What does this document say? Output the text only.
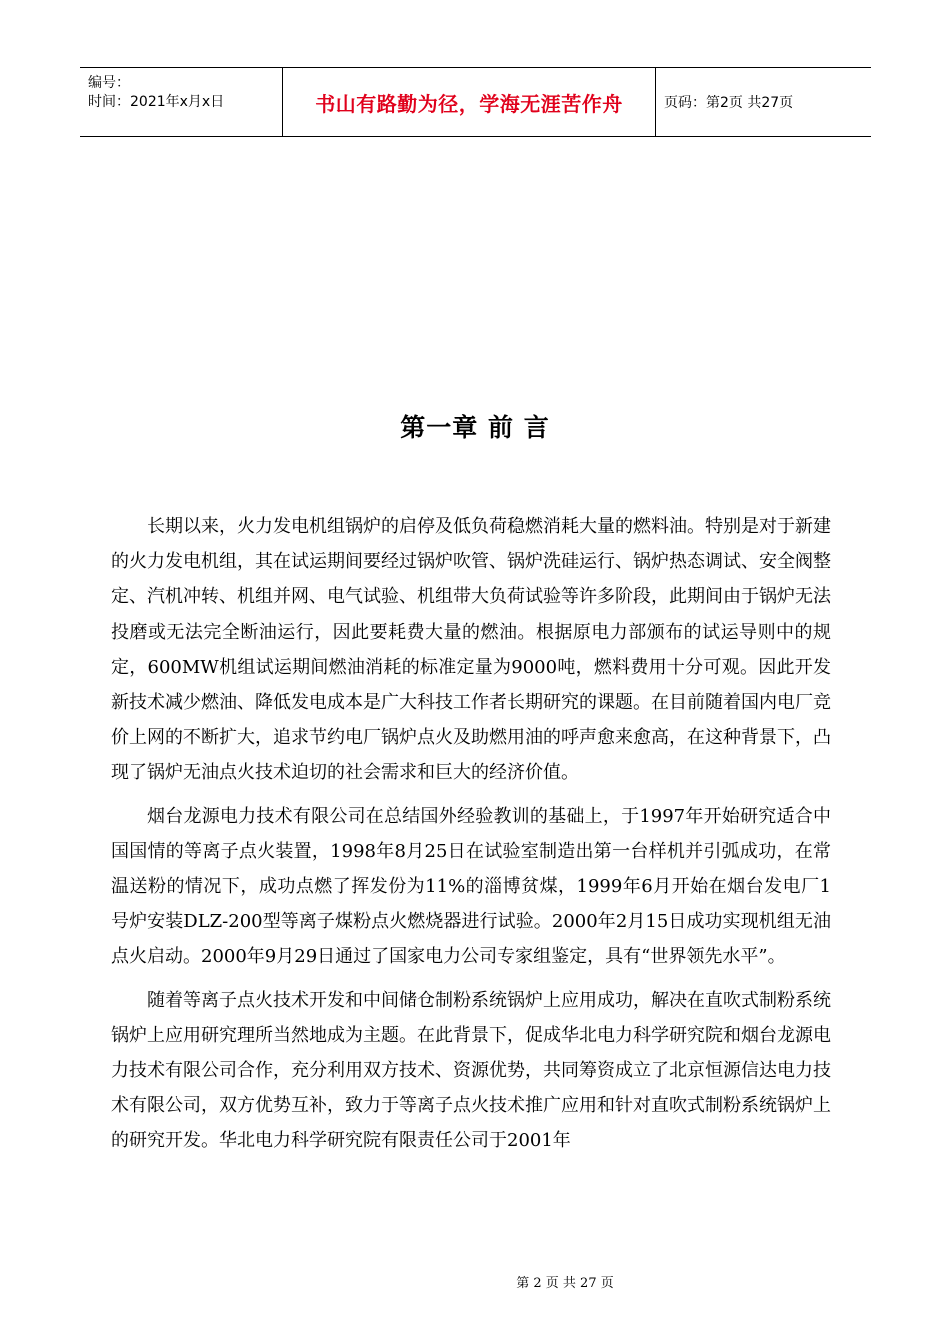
编号：
时间：2021年x月x日	书山有路勤为径，学海无涯苦作舟	页码：第2页 共27页
第一章 前 言

长期以来，火力发电机组锅炉的启停及低负荷稳燃消耗大量的燃料油。特别是对于新建的火力发电机组，其在试运期间要经过锅炉吹管、锅炉洗硅运行、锅炉热态调试、安全阀整定、汽机冲转、机组并网、电气试验、机组带大负荷试验等许多阶段，此期间由于锅炉无法投磨或无法完全断油运行，因此要耗费大量的燃油。根据原电力部颁布的试运导则中的规定，600MW机组试运期间燃油消耗的标准定量为9000吨，燃料费用十分可观。因此开发新技术减少燃油、降低发电成本是广大科技工作者长期研究的课题。在目前随着国内电厂竞价上网的不断扩大，追求节约电厂锅炉点火及助燃用油的呼声愈来愈高，在这种背景下，凸现了锅炉无油点火技术迫切的社会需求和巨大的经济价值。

烟台龙源电力技术有限公司在总结国外经验教训的基础上，于1997年开始研究适合中国国情的等离子点火装置，1998年8月25日在试验室制造出第一台样机并引弧成功，在常温送粉的情况下，成功点燃了挥发份为11%的淄博贫煤，1999年6月开始在烟台发电厂1号炉安装DLZ-200型等离子煤粉点火燃烧器进行试验。2000年2月15日成功实现机组无油点火启动。2000年9月29日通过了国家电力公司专家组鉴定，具有“世界领先水平”。

随着等离子点火技术开发和中间储仓制粉系统锅炉上应用成功，解决在直吹式制粉系统锅炉上应用研究理所当然地成为主题。在此背景下，促成华北电力科学研究院和烟台龙源电力技术有限公司合作，充分利用双方技术、资源优势，共同筹资成立了北京恒源信达电力技术有限公司，双方优势互补，致力于等离子点火技术推广应用和针对直吹式制粉系统锅炉上的研究开发。华北电力科学研究院有限责任公司于2001年

第 2 页 共 27 页
